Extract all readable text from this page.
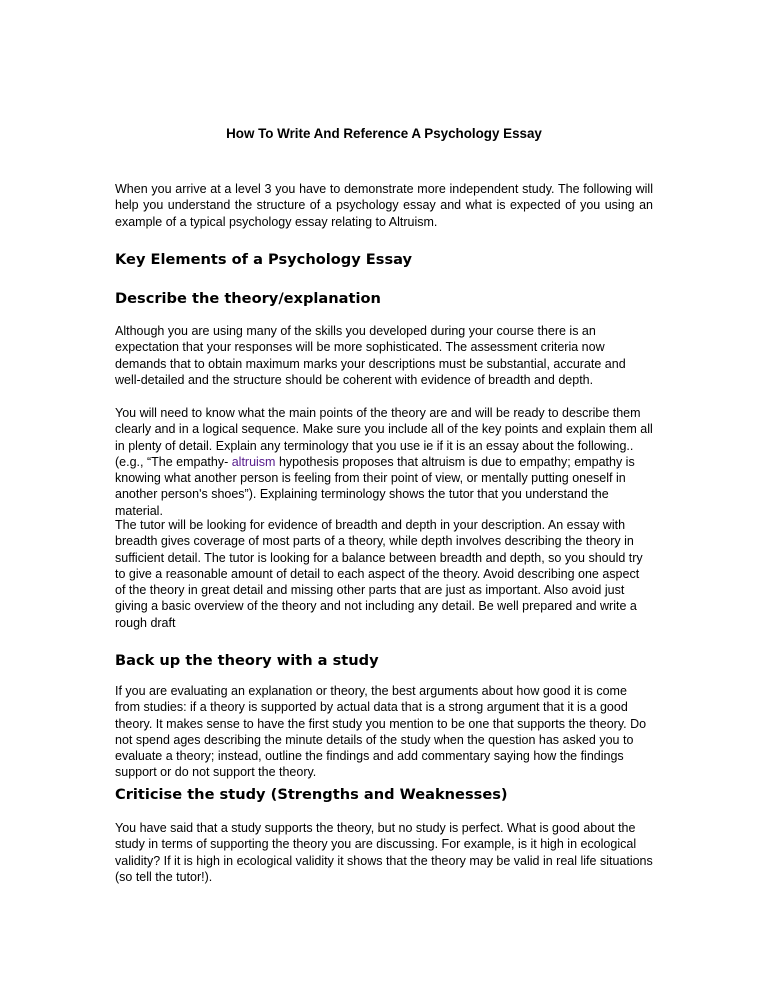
How To Write And Reference A Psychology Essay

When you arrive at a level 3 you have to demonstrate more independent study. The following will help you understand the structure of a psychology essay and what is expected of you using an example of a typical psychology essay relating to Altruism.

Key Elements of a Psychology Essay
Describe the theory/explanation

Although you are using many of the skills you developed during your course there is an expectation that your responses will be more sophisticated. The assessment criteria now demands that to obtain maximum marks your descriptions must be substantial, accurate and well-detailed and the structure should be coherent with evidence of breadth and depth.

You will need to know what the main points of the theory are and will be ready to describe them clearly and in a logical sequence. Make sure you include all of the key points and explain them all in plenty of detail. Explain any terminology that you use ie if it is an essay about the following..(e.g., “The empathy- altruism hypothesis proposes that altruism is due to empathy; empathy is knowing what another person is feeling from their point of view, or mentally putting oneself in another person's shoes”). Explaining terminology shows the tutor that you understand the material.

The tutor will be looking for evidence of breadth and depth in your description. An essay with breadth gives coverage of most parts of a theory, while depth involves describing the theory in sufficient detail. The tutor is looking for a balance between breadth and depth, so you should try to give a reasonable amount of detail to each aspect of the theory. Avoid describing one aspect of the theory in great detail and missing other parts that are just as important. Also avoid just giving a basic overview of the theory and not including any detail. Be well prepared and write a rough draft

Back up the theory with a study

If you are evaluating an explanation or theory, the best arguments about how good it is come from studies: if a theory is supported by actual data that is a strong argument that it is a good theory. It makes sense to have the first study you mention to be one that supports the theory. Do not spend ages describing the minute details of the study when the question has asked you to evaluate a theory; instead, outline the findings and add commentary saying how the findings support or do not support the theory.

Criticise the study (Strengths and Weaknesses)

You have said that a study supports the theory, but no study is perfect. What is good about the study in terms of supporting the theory you are discussing. For example, is it high in ecological validity? If it is high in ecological validity it shows that the theory may be valid in real life situations (so tell the tutor!).
